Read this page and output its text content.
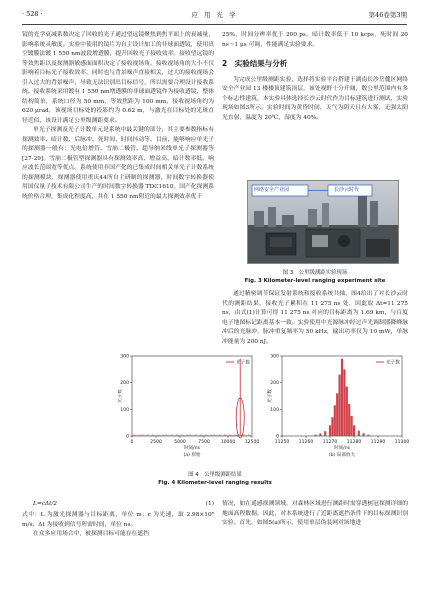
· 528 ·	应 用 光 学	第46卷第3期

镜的光学衰减系数决定了回收的光子通过望远镜聚焦到焦平面上的衰减量，影响系统灵敏度。实验中使用的镜片为自主设计加工的非球面透镜，使用真空镀膜法镀 1 550 nm波段增透膜，提升回收光子接收效率。接收望远镜的等效焦距以及探测器敏感面面积决定了接收视场角。接收视场角的大小不仅影响着目标光子接收效率，同时也与背景噪声直接相关，过大的接收视场会引入过大的背景噪声，导致无法识别出目标信号，所以需要合理设计接收系统。接收系统采用镀有 1 550 nm增透膜的非球面透镜作为接收透镜，整体结构简单，系统口径为 50 mm，等效焦距为 100 mm，接收视场角约为 620 μrad，该视场目标处的投影约为 0.62 m，与激光在目标处的光斑直径近似，该设计满足公里级测距要求。

单光子探测及光子计数单元是系统中最关键的部分，其主要参数指标有探测效率、暗计数、后脉冲、死时间、时间抖动等。目前，能够响应单光子的探测器一般有：光电倍增管、雪崩二极管、超导纳米线单光子探测器等[27-29]。雪崩二极管型探测器具有探测效率高、增益高、暗计数率低、响应波长范围宽等优点。系统使用非国产化的已集成时间相关单光子计数系统的探测模块，探测器使用重庆44所自主研制的探测器，时间数字转换器使用国仪量子技术有限公司生产的时间数字转换器 TDC1610。国产化探测系统价格合理，集成化程度高，其在 1 550 nm附近的最大探测效率优于

25%，时间分辨率优于 200 ps，暗计数率低于 10 kcps，死时间 20 ns～1 μs 可调，性能满足实验要求。

2　实验结果与分析

为完成公里级测距实验，选择将实验平台搭建于湖南长沙岳麓区网络安全产业园 13 楼楼顶建筑顶层，该处视野十分开阔，数公里范围内有多个标志性建筑，本实验具体选择长沙云时代作为目标建筑进行测试，实验现场如图3所示。实验时间为黄昏时间，天气为阴天且有大雾，无强太阳光直射，温度为 20℃，湿度为 40%。

网络安全产业园	长沙云时代
图 3　公里级测距实验现场
Fig. 3 Kilometer-level ranging experiment site

通过精密调节保证发射系统和接收系统共轴，图4给出了对长沙云时代的测距结果，接收光子累积在 11 275 ns 处，因此取 Δt=11 275 ns，由式(1)计算可得 11 275 ns 对应的目标距离为 1.69 km，与百度电子地图标记距离基本一致。实验使用中光源脉冲经过声光调制器降峰脉冲后的光脉冲，脉冲重复频率为 50 kHz，输出功率仅为 10 mW，单脉冲能量为 200 nJ。

0
100
200
300
0	2500	5000	7500 10000 12500
光子数
时间/ns
(a) 原始
光子数
0
100
200
300
11250 11260 11270 11280 11290 11300
光子数
时间/ns
(b) 局部放大
光子数
图 4　公里级测距结果
Fig. 4 Kilometer-level ranging results
L=cΔt/2	(1)

式中：L 为激光探测器与目标距离，单位 m；c 为光速，取 2.98×10⁸ m/s；Δt 为接收到信号所需时间，单位 ns。

在众多应用场合中，被探测目标可能存在遮挡

情况，如在遥感探测领域，对森林区域进行测距时需穿透树冠探测详细的地面高程数据。因此，对本系统进行了近距离遮挡条件下的目标探测识别实验。首先，如图5(a)所示，使用单层伪装网对场地进
